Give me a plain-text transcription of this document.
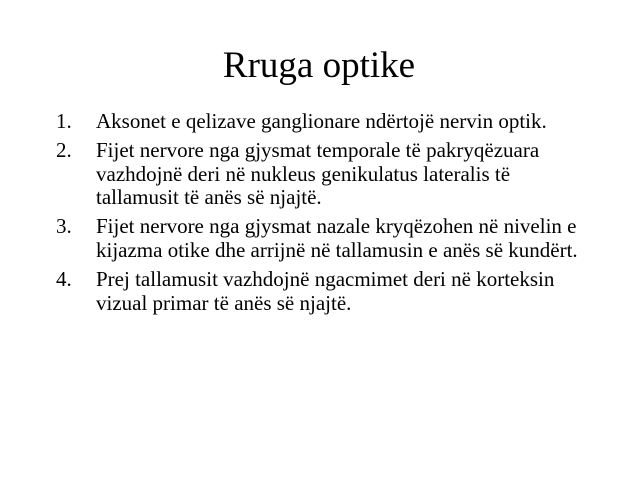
Rruga optike
1. Aksonet e qelizave ganglionare ndërtojë nervin optik.
2. Fijet nervore nga gjysmat temporale të pakryqëzuara vazhdojnë deri në nukleus genikulatus lateralis të tallamusit të anës së njajtë.
3. Fijet nervore nga gjysmat nazale kryqëzohen në nivelin e kijazma otike dhe arrijnë në tallamusin e anës së kundërt.
4. Prej tallamusit vazhdojnë ngacmimet deri në korteksin vizual primar të anës së njajtë.
